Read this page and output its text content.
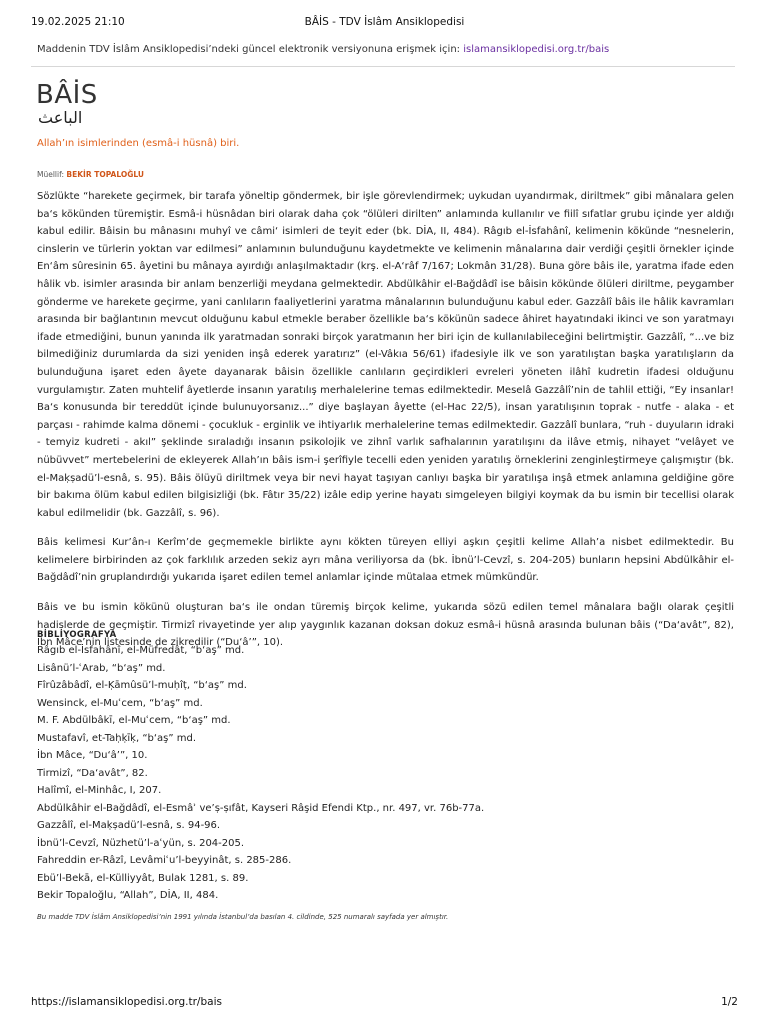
19.02.2025 21:10	BÂİS - TDV İslâm Ansiklopedisi
Maddenin TDV İslâm Ansiklopedisi’ndeki güncel elektronik versiyonuna erişmek için: islamansiklopedisi.org.tr/bais
BÂİS
الباعث
Allah’ın isimlerinden (esmâ-i hüsnâ) biri.
Müellif: BEKİR TOPALOĞLU

Sözlükte “harekete geçirmek, bir tarafa yöneltip göndermek, bir işle görevlendirmek; uykudan uyandırmak, diriltmek” gibi mânalara gelen ba‘s kökünden türemiştir. Esmâ-i hüsnâdan biri olarak daha çok “ölüleri dirilten” anlamında kullanılır ve fiilî sıfatlar grubu içinde yer aldığı kabul edilir. Bâisin bu mânasını muhyî ve câmi‘ isimleri de teyit eder (bk. DİA, II, 484). Râgıb el-İsfahânî, kelimenin kökünde “nesnelerin, cinslerin ve türlerin yoktan var edilmesi” anlamının bulunduğunu kaydetmekte ve kelimenin mânalarına dair verdiği çeşitli örnekler içinde En‘âm sûresinin 65. âyetini bu mânaya ayırdığı anlaşılmaktadır (krş. el-A‘râf 7/167; Lokmân 31/28). Buna göre bâis ile, yaratma ifade eden hâlik vb. isimler arasında bir anlam benzerliği meydana gelmektedir. Abdülkâhir el-Bağdâdî ise bâisin kökünde ölüleri diriltme, peygamber gönderme ve harekete geçirme, yani canlıların faaliyetlerini yaratma mânalarının bulunduğunu kabul eder. Gazzâlî bâis ile hâlik kavramları arasında bir bağlantının mevcut olduğunu kabul etmekle beraber özellikle ba‘s kökünün sadece âhiret hayatındaki ikinci ve son yaratmayı ifade etmediğini, bunun yanında ilk yaratmadan sonraki birçok yaratmanın her biri için de kullanılabileceğini belirtmiştir. Gazzâlî, “...ve biz bilmediğiniz durumlarda da sizi yeniden inşâ ederek yaratırız” (el-Vâkıa 56/61) ifadesiyle ilk ve son yaratılıştan başka yaratılışların da bulunduğuna işaret eden âyete dayanarak bâisin özellikle canlıların geçirdikleri evreleri yöneten ilâhî kudretin ifadesi olduğunu vurgulamıştır. Zaten muhtelif âyetlerde insanın yaratılış merhalelerine temas edilmektedir. Meselâ Gazzâlî’nin de tahlil ettiği, “Ey insanlar! Ba‘s konusunda bir tereddüt içinde bulunuyorsanız...” diye başlayan âyette (el-Hac 22/5), insan yaratılışının toprak - nutfe - alaka - et parçası - rahimde kalma dönemi - çocukluk - erginlik ve ihtiyarlık merhalelerine temas edilmektedir. Gazzâlî bunlara, “ruh - duyuların idraki - temyiz kudreti - akıl” şeklinde sıraladığı insanın psikolojik ve zihnî varlık safhalarının yaratılışını da ilâve etmiş, nihayet “velâyet ve nübüvvet” mertebelerini de ekleyerek Allah’ın bâis ism-i şerîfiyle tecelli eden yeniden yaratılış örneklerini zenginleştirmeye çalışmıştır (bk. el-Maḳṣadü’l-esnâ, s. 95). Bâis ölüyü diriltmek veya bir nevi hayat taşıyan canlıyı başka bir yaratılışa inşâ etmek anlamına geldiğine göre bir bakıma ölüm kabul edilen bilgisizliği (bk. Fâtır 35/22) izâle edip yerine hayatı simgeleyen bilgiyi koymak da bu ismin bir tecellisi olarak kabul edilmelidir (bk. Gazzâlî, s. 96).

Bâis kelimesi Kur’ân-ı Kerîm’de geçmemekle birlikte aynı kökten türeyen elliyi aşkın çeşitli kelime Allah’a nisbet edilmektedir. Bu kelimelere birbirinden az çok farklılık arzeden sekiz ayrı mâna veriliyorsa da (bk. İbnü’l-Cevzî, s. 204-205) bunların hepsini Abdülkâhir el-Bağdâdî’nin gruplandırdığı yukarıda işaret edilen temel anlamlar içinde mütalaa etmek mümkündür.

Bâis ve bu ismin kökünü oluşturan ba‘s ile ondan türemiş birçok kelime, yukarıda sözü edilen temel mânalara bağlı olarak çeşitli hadislerde de geçmiştir. Tirmizî rivayetinde yer alıp yaygınlık kazanan doksan dokuz esmâ-i hüsnâ arasında bulunan bâis (“Da‘avât”, 82), İbn Mâce’nin listesinde de zikredilir (“Du‘â’”, 10).

BİBLİYOGRAFYA
Râgıb el-İsfahânî, el-Müfredât, “b‘aş” md.
Lisânü’l-ʿArab, “b‘aş” md.
Fîrûzâbâdî, el-Ḳāmûsü’l-muḥîṭ, “b‘aş” md.
Wensinck, el-Muʿcem, “b‘aş” md.
M. F. Abdülbâkī, el-Muʿcem, “b‘aş” md.
Mustafavî, et-Taḥḳīḳ, “b‘aş” md.
İbn Mâce, “Du‘â’”, 10.
Tirmizî, “Da‘avât”, 82.
Halîmî, el-Minhâc, I, 207.
Abdülkâhir el-Bağdâdî, el-Esmâʾ ve’ṣ-ṣıfât, Kayseri Râşid Efendi Ktp., nr. 497, vr. 76b-77a.
Gazzâlî, el-Maḳṣadü’l-esnâ, s. 94-96.
İbnü’l-Cevzî, Nüzhetü’l-aʿyün, s. 204-205.
Fahreddin er-Râzî, Levâmiʿu’l-beyyinât, s. 285-286.
Ebü’l-Bekā, el-Külliyyât, Bulak 1281, s. 89.
Bekir Topaloğlu, “Allah”, DİA, II, 484.
Bu madde TDV İslâm Ansiklopedisi’nin 1991 yılında İstanbul’da basılan 4. cildinde, 525 numaralı sayfada yer almıştır.
https://islamansiklopedisi.org.tr/bais	1/2
